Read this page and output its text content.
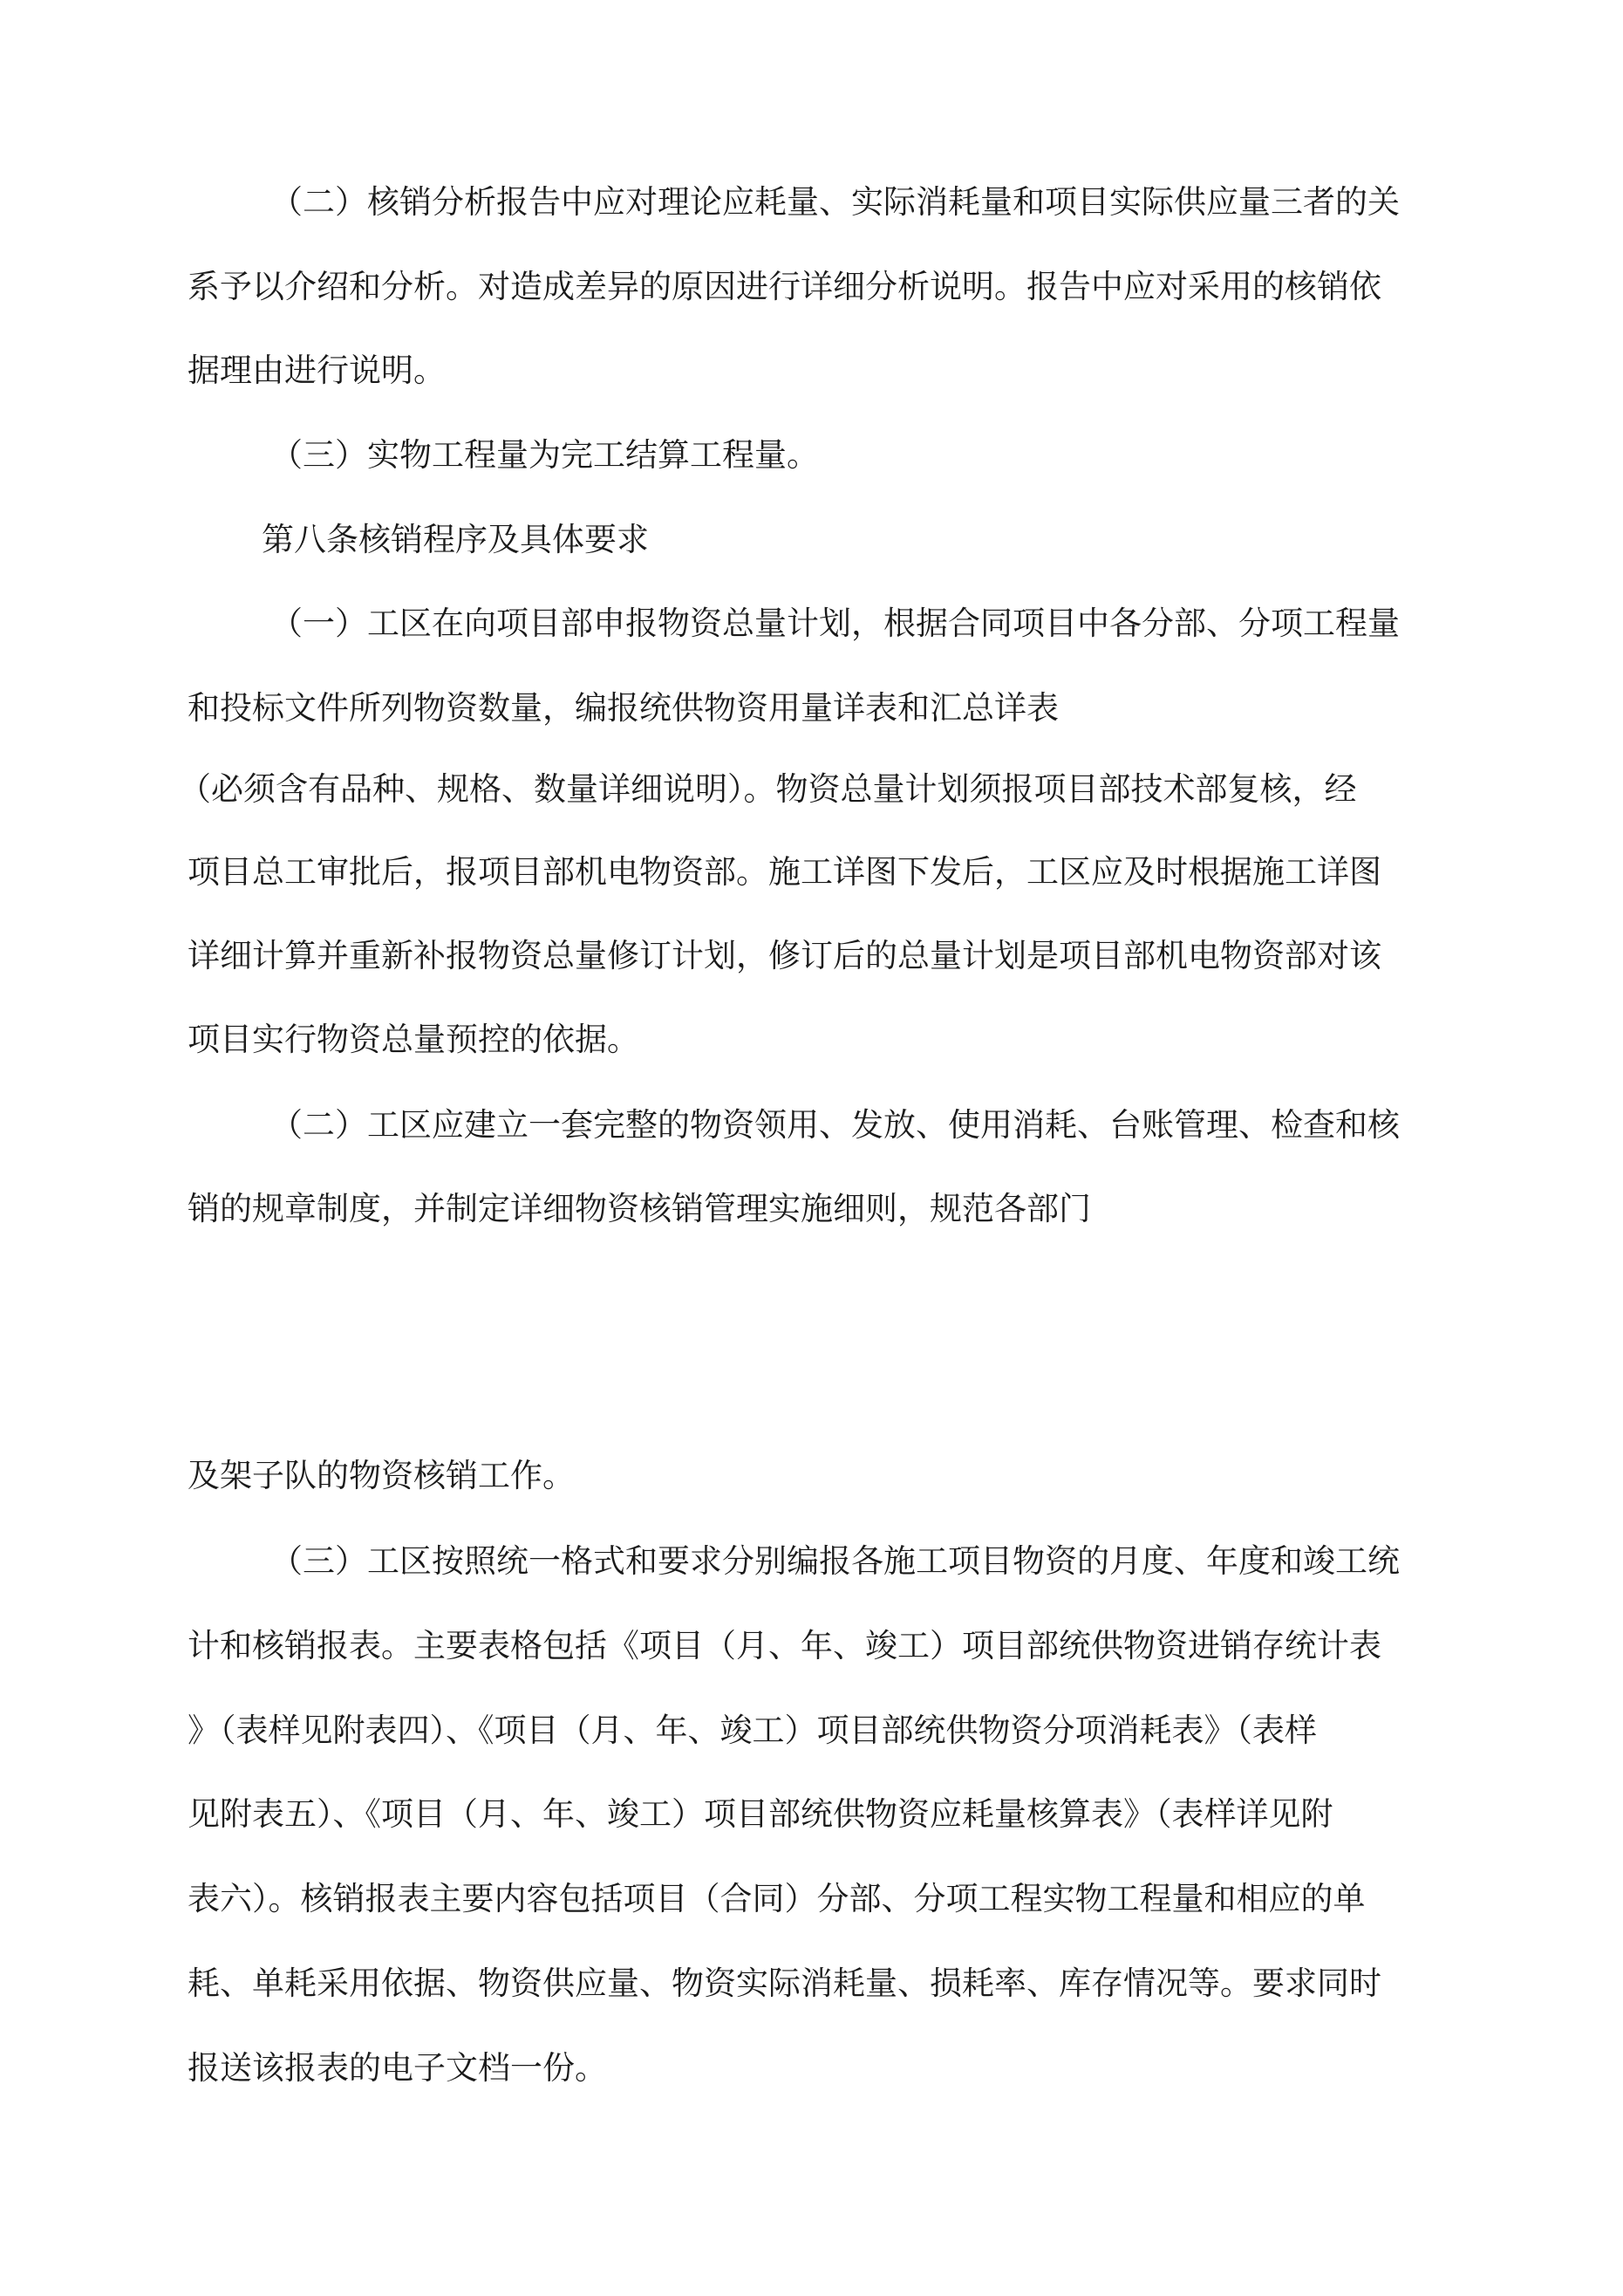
（二）核销分析报告中应对理论应耗量、实际消耗量和项目实际供应量三者的关
系予以介绍和分析。对造成差异的原因进行详细分析说明。报告中应对采用的核销依
据理由进行说明。
（三）实物工程量为完工结算工程量。
第八条核销程序及具体要求
（一）工区在向项目部申报物资总量计划，根据合同项目中各分部、分项工程量
和投标文件所列物资数量，编报统供物资用量详表和汇总详表
（必须含有品种、规格、数量详细说明）。物资总量计划须报项目部技术部复核，经
项目总工审批后，报项目部机电物资部。施工详图下发后，工区应及时根据施工详图
详细计算并重新补报物资总量修订计划，修订后的总量计划是项目部机电物资部对该
项目实行物资总量预控的依据。
（二）工区应建立一套完整的物资领用、发放、使用消耗、台账管理、检查和核
销的规章制度，并制定详细物资核销管理实施细则，规范各部门
及架子队的物资核销工作。
（三）工区按照统一格式和要求分别编报各施工项目物资的月度、年度和竣工统
计和核销报表。主要表格包括《项目（月、年、竣工）项目部统供物资进销存统计表
》（表样见附表四）、《项目（月、年、竣工）项目部统供物资分项消耗表》（表样
见附表五）、《项目（月、年、竣工）项目部统供物资应耗量核算表》（表样详见附
表六）。核销报表主要内容包括项目（合同）分部、分项工程实物工程量和相应的单
耗、单耗采用依据、物资供应量、物资实际消耗量、损耗率、库存情况等。要求同时
报送该报表的电子文档一份。
